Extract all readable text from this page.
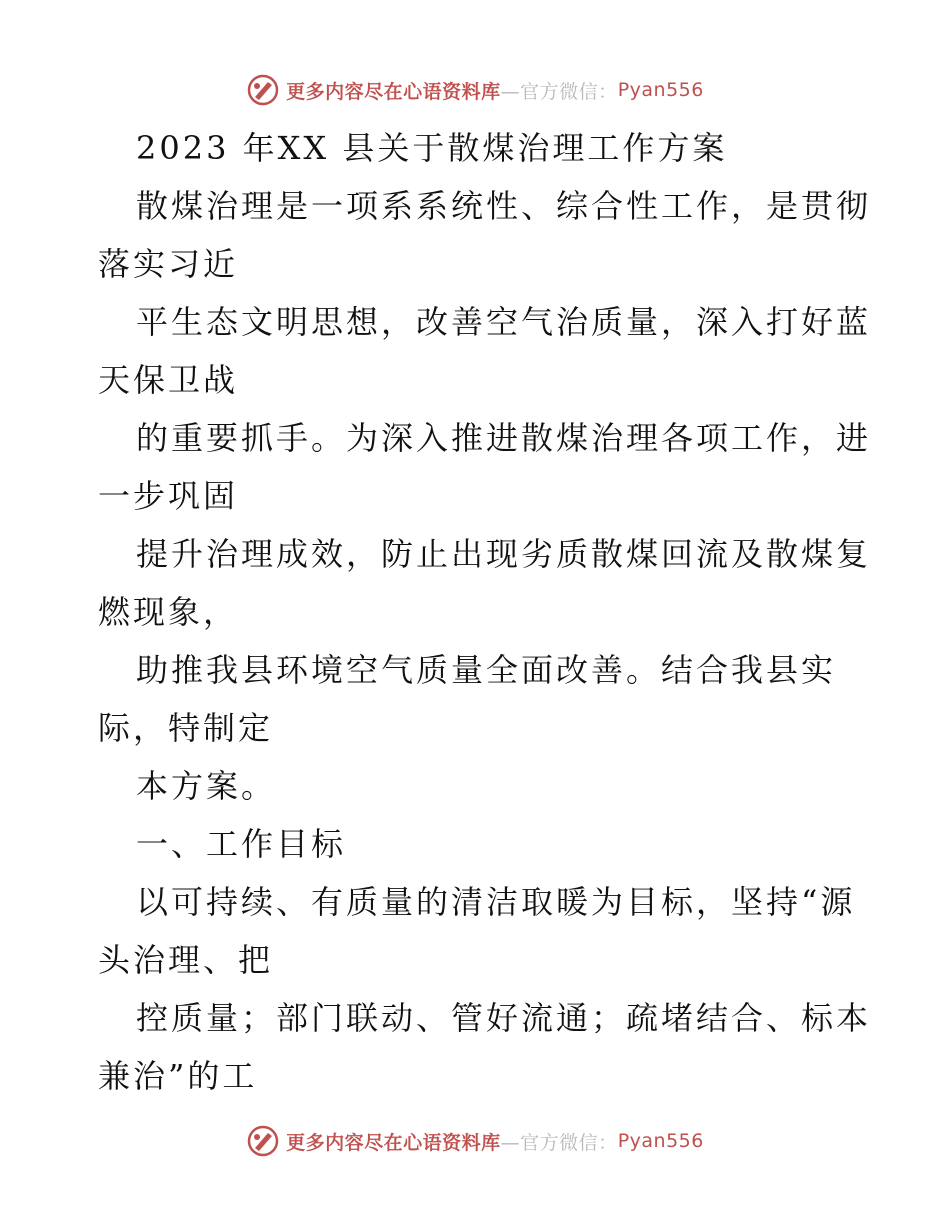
更多内容尽在心语资料库 —官方微信： Pyan556
2023 年XX 县关于散煤治理工作方案
散煤治理是一项系系统性、综合性工作，是贯彻
落实习近
平生态文明思想，改善空气治质量，深入打好蓝
天保卫战
的重要抓手。为深入推进散煤治理各项工作，进
一步巩固
提升治理成效，防止出现劣质散煤回流及散煤复
燃现象，
助推我县环境空气质量全面改善。结合我县实
际，特制定
本方案。
一、工作目标
以可持续、有质量的清洁取暖为目标，坚持“源
头治理、把
控质量；部门联动、管好流通；疏堵结合、标本
兼治”的工
更多内容尽在心语资料库 —官方微信： Pyan556
